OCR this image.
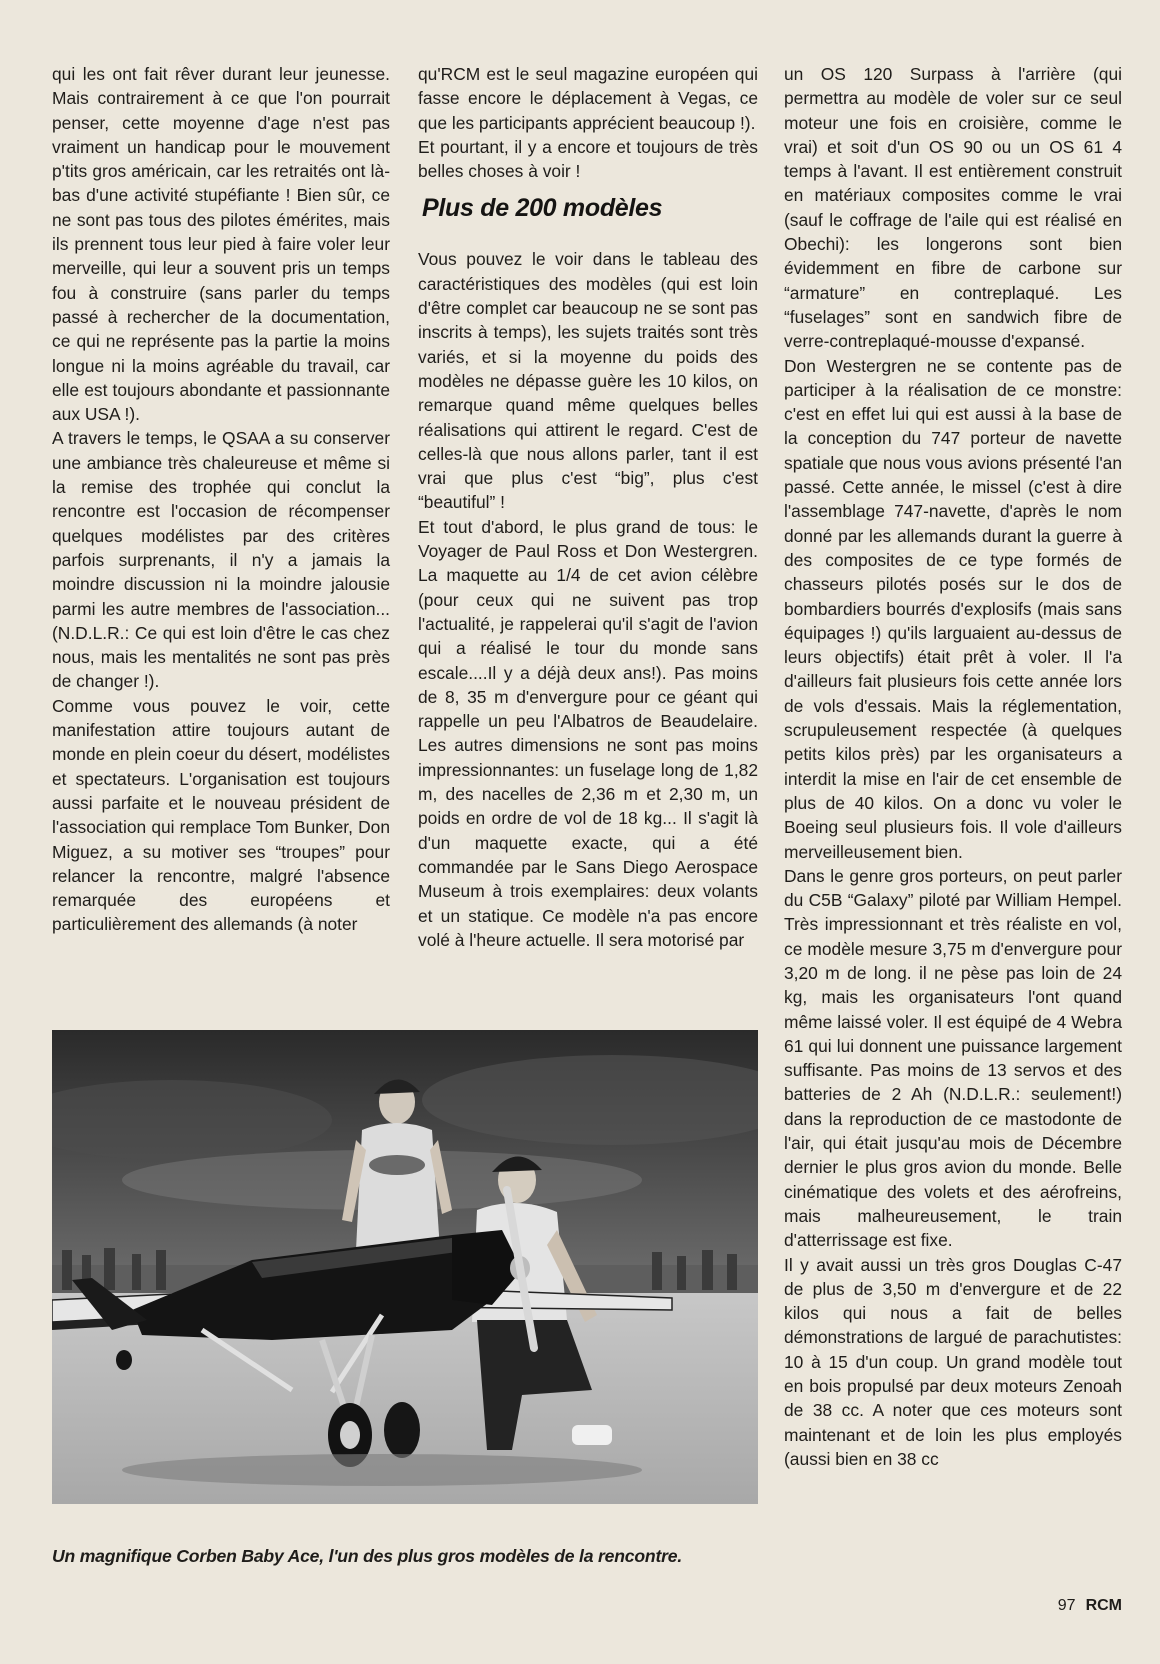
qui les ont fait rêver durant leur jeunesse. Mais contrairement à ce que l'on pourrait penser, cette moyenne d'age n'est pas vraiment un handicap pour le mouvement p'tits gros américain, car les retraités ont là-bas d'une activité stupéfiante ! Bien sûr, ce ne sont pas tous des pilotes émérites, mais ils prennent tous leur pied à faire voler leur merveille, qui leur a souvent pris un temps fou à construire (sans parler du temps passé à rechercher de la documentation, ce qui ne représente pas la partie la moins longue ni la moins agréable du travail, car elle est toujours abondante et passionnante aux USA !).

A travers le temps, le QSAA a su conserver une ambiance très chaleureuse et même si la remise des trophée qui conclut la rencontre est l'occasion de récompenser quelques modélistes par des critères parfois surprenants, il n'y a jamais la moindre discussion ni la moindre jalousie parmi les autre membres de l'association... (N.D.L.R.: Ce qui est loin d'être le cas chez nous, mais les mentalités ne sont pas près de changer !).

Comme vous pouvez le voir, cette manifestation attire toujours autant de monde en plein coeur du désert, modélistes et spectateurs. L'organisation est toujours aussi parfaite et le nouveau président de l'association qui remplace Tom Bunker, Don Miguez, a su motiver ses “troupes” pour relancer la rencontre, malgré l'absence remarquée des européens et particulièrement des allemands (à noter

qu'RCM est le seul magazine européen qui fasse encore le déplacement à Vegas, ce que les participants apprécient beaucoup !).

Et pourtant, il y a encore et toujours de très belles choses à voir !

Plus de 200 modèles

Vous pouvez le voir dans le tableau des caractéristiques des modèles (qui est loin d'être complet car beaucoup ne se sont pas inscrits à temps), les sujets traités sont très variés, et si la moyenne du poids des modèles ne dépasse guère les 10 kilos, on remarque quand même quelques belles réalisations qui attirent le regard. C'est de celles-là que nous allons parler, tant il est vrai que plus c'est “big”, plus c'est “beautiful” !

Et tout d'abord, le plus grand de tous: le Voyager de Paul Ross et Don Westergren. La maquette au 1/4 de cet avion célèbre (pour ceux qui ne suivent pas trop l'actualité, je rappelerai qu'il s'agit de l'avion qui a réalisé le tour du monde sans escale....Il y a déjà deux ans!). Pas moins de 8, 35 m d'envergure pour ce géant qui rappelle un peu l'Albatros de Beaudelaire. Les autres dimensions ne sont pas moins impressionnantes: un fuselage long de 1,82 m, des nacelles de 2,36 m et 2,30 m, un poids en ordre de vol de 18 kg... Il s'agit là d'un maquette exacte, qui a été commandée par le Sans Diego Aerospace Museum à trois exemplaires: deux volants et un statique. Ce modèle n'a pas encore volé à l'heure actuelle. Il sera motorisé par

un OS 120 Surpass à l'arrière (qui permettra au modèle de voler sur ce seul moteur une fois en croisière, comme le vrai) et soit d'un OS 90 ou un OS 61 4 temps à l'avant. Il est entièrement construit en matériaux composites comme le vrai (sauf le coffrage de l'aile qui est réalisé en Obechi): les longerons sont bien évidemment en fibre de carbone sur “armature” en contreplaqué. Les “fuselages” sont en sandwich fibre de verre-contreplaqué-mousse d'expansé.

Don Westergren ne se contente pas de participer à la réalisation de ce monstre: c'est en effet lui qui est aussi à la base de la conception du 747 porteur de navette spatiale que nous vous avions présenté l'an passé. Cette année, le missel (c'est à dire l'assemblage 747-navette, d'après le nom donné par les allemands durant la guerre à des composites de ce type formés de chasseurs pilotés posés sur le dos de bombardiers bourrés d'explosifs (mais sans équipages !) qu'ils larguaient au-dessus de leurs objectifs) était prêt à voler. Il l'a d'ailleurs fait plusieurs fois cette année lors de vols d'essais. Mais la réglementation, scrupuleusement respectée (à quelques petits kilos près) par les organisateurs a interdit la mise en l'air de cet ensemble de plus de 40 kilos. On a donc vu voler le Boeing seul plusieurs fois. Il vole d'ailleurs merveilleusement bien.

Dans le genre gros porteurs, on peut parler du C5B “Galaxy” piloté par William Hempel. Très impressionnant et très réaliste en vol, ce modèle mesure 3,75 m d'envergure pour 3,20 m de long. il ne pèse pas loin de 24 kg, mais les organisateurs l'ont quand même laissé voler. Il est équipé de 4 Webra 61 qui lui donnent une puissance largement suffisante. Pas moins de 13 servos et des batteries de 2 Ah (N.D.L.R.: seulement!) dans la reproduction de ce mastodonte de l'air, qui était jusqu'au mois de Décembre dernier le plus gros avion du monde. Belle cinématique des volets et des aérofreins, mais malheureusement, le train d'atterrissage est fixe.

Il y avait aussi un très gros Douglas C-47 de plus de 3,50 m d'envergure et de 22 kilos qui nous a fait de belles démonstrations de largué de parachutistes: 10 à 15 d'un coup. Un grand modèle tout en bois propulsé par deux moteurs Zenoah de 38 cc. A noter que ces moteurs sont maintenant et de loin les plus employés (aussi bien en 38 cc

Un magnifique Corben Baby Ace, l'un des plus gros modèles de la rencontre.
97 RCM
